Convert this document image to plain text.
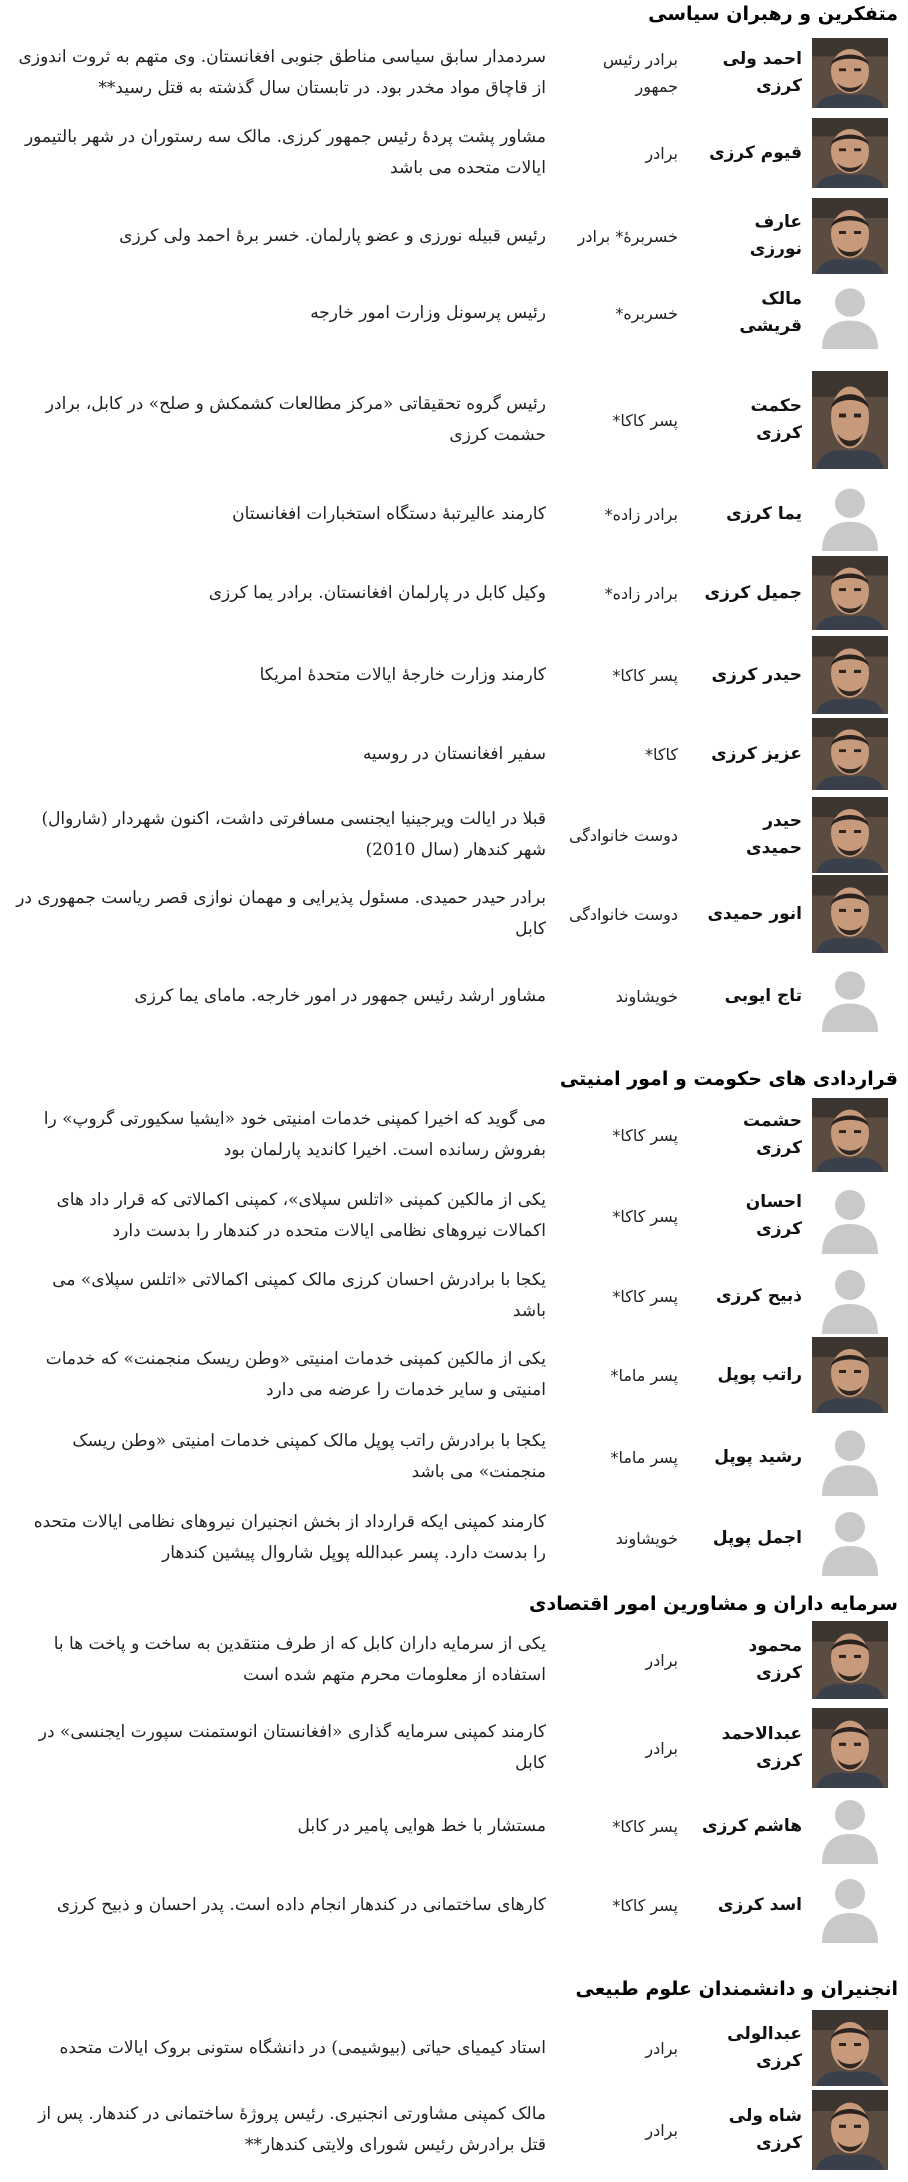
متفکرین و رهبران سیاسی
احمد ولی کرزی
برادر رئیس جمهور
سردمدار سابق سیاسی مناطق جنوبی افغانستان. وی متهم به ثروت اندوزی از قاچاق مواد مخدر بود. در تابستان سال گذشته به قتل رسید**
قیوم کرزی
برادر
مشاور پشت پردۀ رئیس جمهور کرزی. مالک سه رستوران در شهر بالتیمور ایالات متحده می باشد
عارف نورزی
خسربرۀ* برادر
رئیس قبیله نورزی و عضو پارلمان. خسر برۀ احمد ولی کرزی
مالک قریشی
خسربره*
رئیس پرسونل وزارت امور خارجه
حکمت کرزی
پسر کاکا*
رئیس گروه تحقیقاتی «مرکز مطالعات کشمکش و صلح» در کابل، برادر حشمت کرزی
یما کرزی
برادر زاده*
کارمند عالیرتبۀ دستگاه استخبارات افغانستان
جمیل کرزی
برادر زاده*
وکیل کابل در پارلمان افغانستان. برادر یما کرزی
حیدر کرزی
پسر کاکا*
کارمند وزارت خارجۀ ایالات متحدۀ امریکا
عزیز کرزی
کاکا*
سفیر افغانستان در روسیه
حیدر حمیدی
دوست خانوادگی
قبلا در ایالت ویرجینیا ایجنسی مسافرتی داشت، اکنون شهردار (شاروال) شهر کندهار (سال 2010)
انور حمیدی
دوست خانوادگی
برادر حیدر حمیدی. مسئول پذیرایی و مهمان نوازی قصر ریاست جمهوری در کابل
تاج ایوبی
خویشاوند
مشاور ارشد رئیس جمهور در امور خارجه. مامای یما کرزی
قراردادی های حکومت و امور امنیتی
حشمت کرزی
پسر کاکا*
می گوید که اخیرا کمپنی خدمات امنیتی خود «ایشیا سکیورتی گروپ» را بفروش رسانده است. اخیرا کاندید پارلمان بود
احسان کرزی
پسر کاکا*
یکی از مالکین کمپنی «اتلس سپلای»، کمپنی اکمالاتی که قرار داد های اکمالات نیروهای نظامی ایالات متحده در کندهار را بدست دارد
ذبیح کرزی
پسر کاکا*
یکجا با برادرش احسان کرزی مالک کمپنی اکمالاتی «اتلس سپلای» می باشد
راتب پوپل
پسر ماما*
یکی از مالکین کمپنی خدمات امنیتی «وطن ریسک منجمنت» که خدمات امنیتی و سایر خدمات را عرضه می دارد
رشید پوپل
پسر ماما*
یکجا با برادرش راتب پوپل مالک کمپنی خدمات امنیتی «وطن ریسک منجمنت» می باشد
اجمل پوپل
خویشاوند
کارمند کمپنی ایکه قرارداد از بخش انجنیران نیروهای نظامی ایالات متحده را بدست دارد. پسر عبدالله پوپل شاروال پیشین کندهار
سرمایه داران و مشاورین امور اقتصادی
محمود کرزی
برادر
یکی از سرمایه داران کابل که از طرف منتقدین به ساخت و پاخت ها با استفاده از معلومات محرم متهم شده است
عبدالاحمد کرزی
برادر
کارمند کمپنی سرمایه گذاری «افغانستان انوستمنت سپورت ایجنسی» در کابل
هاشم کرزی
پسر کاکا*
مستشار با خط هوایی پامیر در کابل
اسد کرزی
پسر کاکا*
کارهای ساختمانی در کندهار انجام داده است. پدر احسان و ذبیح کرزی
انجنیران و دانشمندان علوم طبیعی
عبدالولی کرزی
برادر
استاد کیمیای حیاتی (بیوشیمی) در دانشگاه ستونی بروک ایالات متحده
شاه ولی کرزی
برادر
مالک کمپنی مشاورتی انجنیری. رئیس پروژۀ ساختمانی در کندهار. پس از قتل برادرش رئیس شورای ولایتی کندهار**
